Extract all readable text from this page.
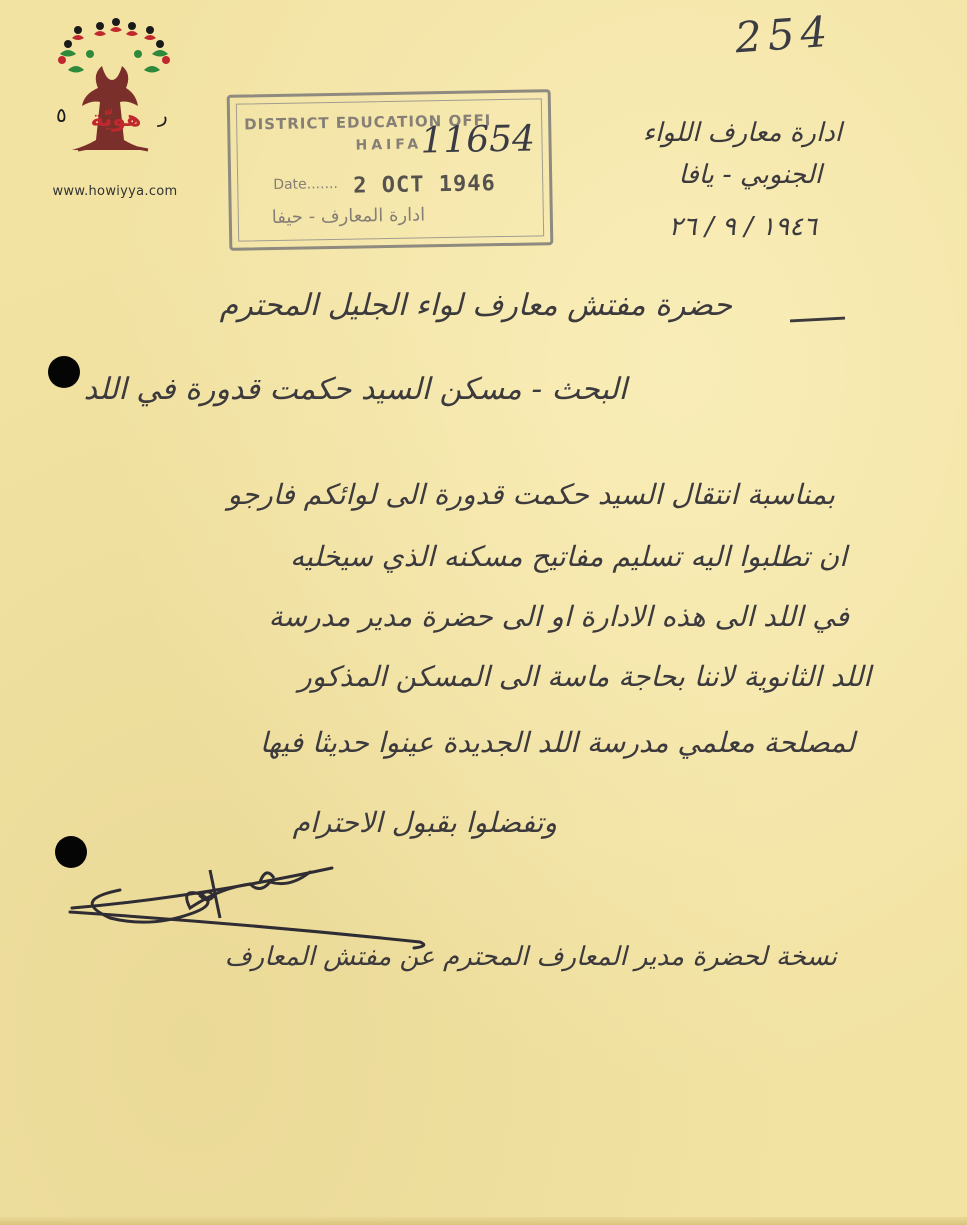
هويّة
٥	ر
www.howiyya.com
254
DISTRICT EDUCATION OFFI
HAIFA
Date....... 2 OCT 1946
11654
ادارة المعارف - حيفا
ادارة معارف اللواء
الجنوبي - يافا
١٩٤٦ / ٩ / ٢٦
حضرة مفتش معارف لواء الجليل المحترم
البحث - مسكن السيد حكمت قدورة في اللد
بمناسبة انتقال السيد حكمت قدورة الى لوائكم فارجو
ان تطلبوا اليه تسليم مفاتيح مسكنه الذي سيخليه
في اللد الى هذه الادارة او الى حضرة مدير مدرسة
اللد الثانوية لاننا بحاجة ماسة الى المسكن المذكور
لمصلحة معلمي مدرسة اللد الجديدة عينوا حديثا فيها
وتفضلوا بقبول الاحترام
نسخة لحضرة مدير المعارف المحترم عن مفتش المعارف
